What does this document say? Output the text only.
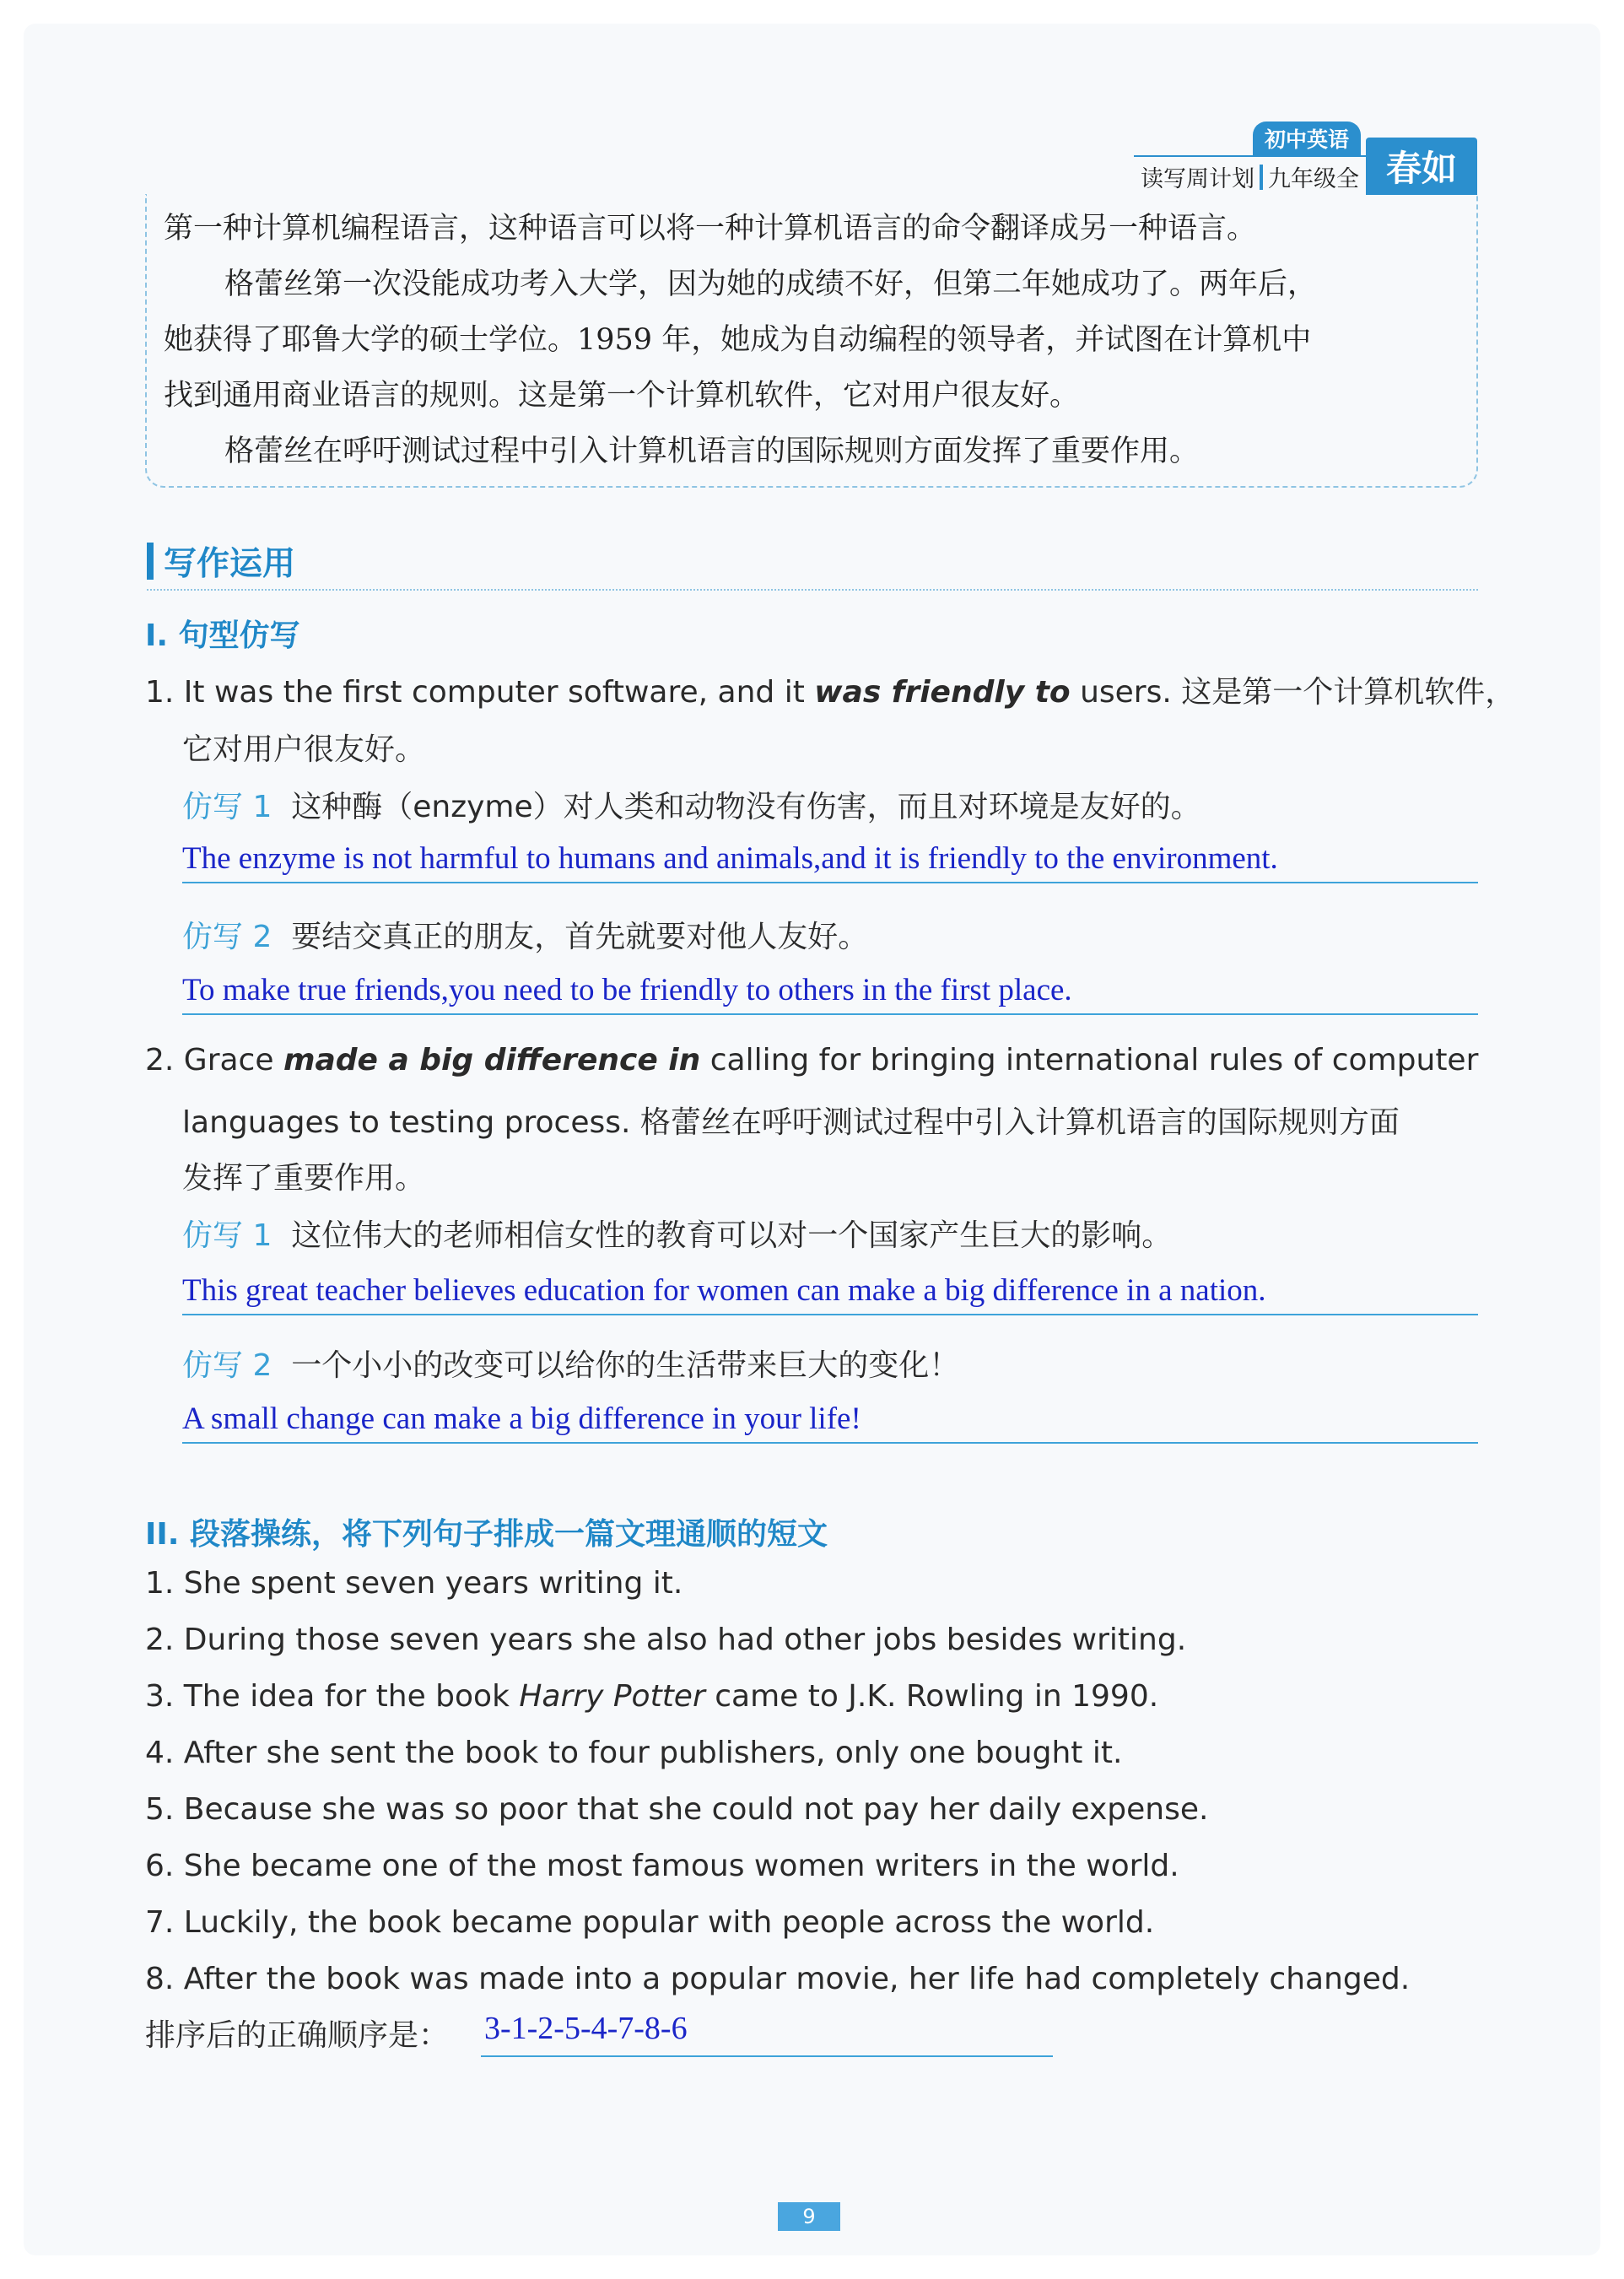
初中英语
读写周计划 九年级全 春如

第一种计算机编程语言，这种语言可以将一种计算机语言的命令翻译成另一种语言。

格蕾丝第一次没能成功考入大学，因为她的成绩不好，但第二年她成功了。两年后，

她获得了耶鲁大学的硕士学位。1959 年，她成为自动编程的领导者，并试图在计算机中

找到通用商业语言的规则。这是第一个计算机软件，它对用户很友好。

格蕾丝在呼吁测试过程中引入计算机语言的国际规则方面发挥了重要作用。

写作运用
I. 句型仿写
1. It was the first computer software, and it was friendly to users. 这是第一个计算机软件，
它对用户很友好。
仿写 1 这种酶（enzyme）对人类和动物没有伤害，而且对环境是友好的。
The enzyme is not harmful to humans and animals,and it is friendly to the environment.
仿写 2 要结交真正的朋友，首先就要对他人友好。
To make true friends,you need to be friendly to others in the first place.
2. Grace made a big difference in calling for bringing international rules of computer
languages to testing process. 格蕾丝在呼吁测试过程中引入计算机语言的国际规则方面
发挥了重要作用。
仿写 1 这位伟大的老师相信女性的教育可以对一个国家产生巨大的影响。
This great teacher believes education for women can make a big difference in a nation.
仿写 2 一个小小的改变可以给你的生活带来巨大的变化！
A small change can make a big difference in your life!
II. 段落操练，将下列句子排成一篇文理通顺的短文
1. She spent seven years writing it.
2. During those seven years she also had other jobs besides writing.
3. The idea for the book Harry Potter came to J.K. Rowling in 1990.
4. After she sent the book to four publishers, only one bought it.
5. Because she was so poor that she could not pay her daily expense.
6. She became one of the most famous women writers in the world.
7. Luckily, the book became popular with people across the world.
8. After the book was made into a popular movie, her life had completely changed.
排序后的正确顺序是： 3-1-2-5-4-7-8-6
9
